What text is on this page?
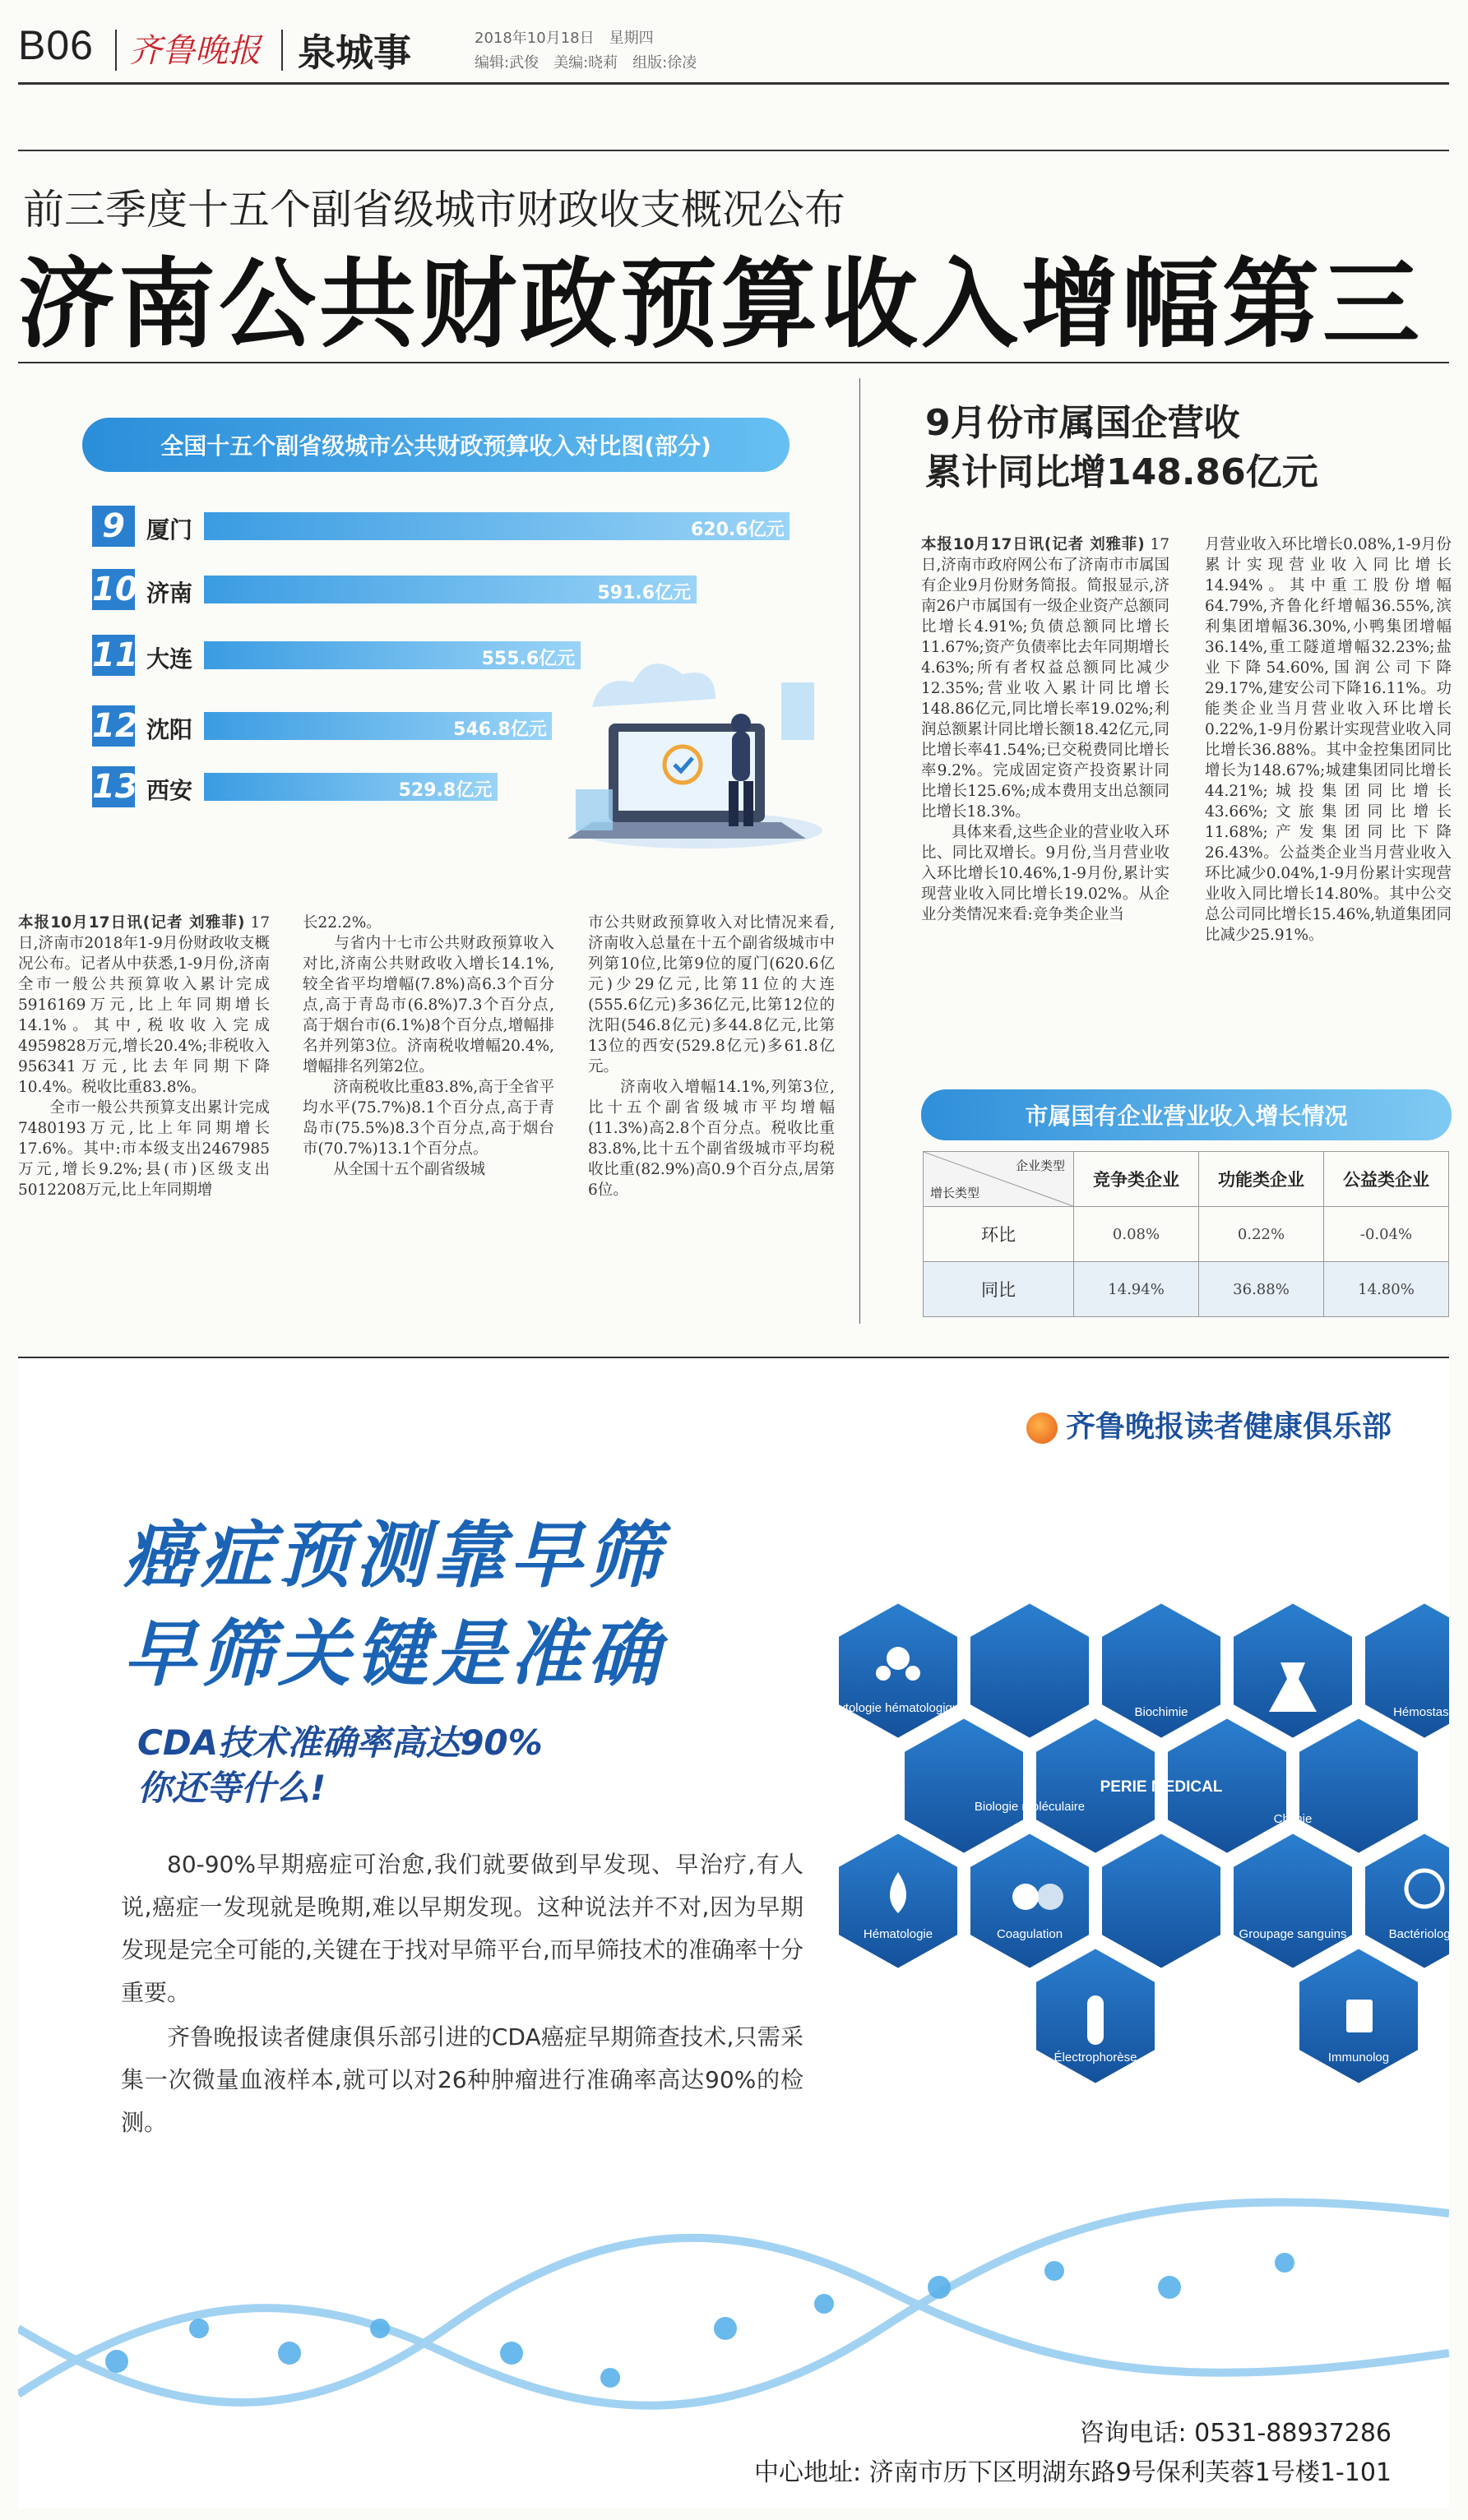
B06 齐鲁晚报 泉城事	2018年10月18日　星期四
编辑:武俊　美编:晓莉　组版:徐凌
前三季度十五个副省级城市财政收支概况公布
济南公共财政预算收入增幅第三
全国十五个副省级城市公共财政预算收入对比图(部分)
9 厦门	620.6亿元
10 济南	591.6亿元
11 大连	555.6亿元
12 沈阳	546.8亿元
13 西安	529.8亿元
本报10月17日讯(记者 刘雅菲) 17日,济南市2018年1-9月份财政收支概况公布。记者从中获悉,1-9月份,济南全市一般公共预算收入累计完成5916169万元,比上年同期增长14.1%。其中,税收收入完成4959828万元,增长20.4%;非税收入956341万元,比去年同期下降10.4%。税收比重83.8%。
　　全市一般公共预算支出累计完成7480193万元,比上年同期增长17.6%。其中:市本级支出2467985万元,增长9.2%;县(市)区级支出5012208万元,比上年同期增
长22.2%。
　　与省内十七市公共财政预算收入对比,济南公共财政收入增长14.1%,较全省平均增幅(7.8%)高6.3个百分点,高于青岛市(6.8%)7.3个百分点,高于烟台市(6.1%)8个百分点,增幅排名并列第3位。济南税收增幅20.4%,增幅排名列第2位。
　　济南税收比重83.8%,高于全省平均水平(75.7%)8.1个百分点,高于青岛市(75.5%)8.3个百分点,高于烟台市(70.7%)13.1个百分点。
　　从全国十五个副省级城
市公共财政预算收入对比情况来看,济南收入总量在十五个副省级城市中列第10位,比第9位的厦门(620.6亿元)少29亿元,比第11位的大连(555.6亿元)多36亿元,比第12位的沈阳(546.8亿元)多44.8亿元,比第13位的西安(529.8亿元)多61.8亿元。
　　济南收入增幅14.1%,列第3位,比十五个副省级城市平均增幅(11.3%)高2.8个百分点。税收比重83.8%,比十五个副省级城市平均税收比重(82.9%)高0.9个百分点,居第6位。
9月份市属国企营收
累计同比增148.86亿元
本报10月17日讯(记者 刘雅菲) 17日,济南市政府网公布了济南市市属国有企业9月份财务简报。简报显示,济南26户市属国有一级企业资产总额同比增长4.91%;负债总额同比增长11.67%;资产负债率比去年同期增长4.63%;所有者权益总额同比减少12.35%;营业收入累计同比增长148.86亿元,同比增长率19.02%;利润总额累计同比增长额18.42亿元,同比增长率41.54%;已交税费同比增长率9.2%。完成固定资产投资累计同比增长125.6%;成本费用支出总额同比增长18.3%。
　　具体来看,这些企业的营业收入环比、同比双增长。9月份,当月营业收入环比增长10.46%,1-9月份,累计实现营业收入同比增长19.02%。从企业分类情况来看:竞争类企业当
月营业收入环比增长0.08%,1-9月份累计实现营业收入同比增长14.94%。其中重工股份增幅64.79%,齐鲁化纤增幅36.55%,滨利集团增幅36.30%,小鸭集团增幅36.14%,重工隧道增幅32.23%;盐业下降54.60%,国润公司下降29.17%,建安公司下降16.11%。功能类企业当月营业收入环比增长0.22%,1-9月份累计实现营业收入同比增长36.88%。其中金控集团同比增长为148.67%;城建集团同比增长44.21%;城投集团同比增长43.66%;文旅集团同比增长11.68%;产发集团同比下降26.43%。公益类企业当月营业收入环比减少0.04%,1-9月份累计实现营业收入同比增长14.80%。其中公交总公司同比增长15.46%,轨道集团同比减少25.91%。
市属国有企业营业收入增长情况
企业类型
增长类型	竞争类企业	功能类企业	公益类企业
环比	0.08%	0.22%	-0.04%
同比	14.94%	36.88%	14.80%
齐鲁晚报读者健康俱乐部
癌症预测靠早筛
早筛关键是准确
CDA技术准确率高达90%
你还等什么!
80-90%早期癌症可治愈,我们就要做到早发现、早治疗,有人说,癌症一发现就是晚期,难以早期发现。这种说法并不对,因为早期发现是完全可能的,关键在于找对早筛平台,而早筛技术的准确率十分重要。
齐鲁晚报读者健康俱乐部引进的CDA癌症早期筛查技术,只需采集一次微量血液样本,就可以对26种肿瘤进行准确率高达90%的检测。
Cytologie hématologique	Biochimie	Hémostase
Biologie moléculaire
Chimie
PERIE MEDICAL
Hématologie	Bactériologie
Coagulation	Groupage sanguins
Électrophorèse	Immunolog
咨询电话: 0531-88937286
中心地址: 济南市历下区明湖东路9号保利芙蓉1号楼1-101
